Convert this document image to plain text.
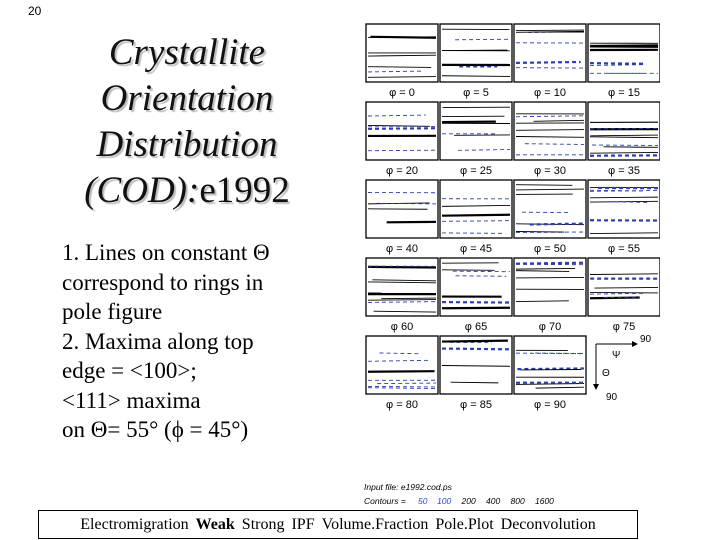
20
Crystallite
Orientation
Distribution
(COD):e1992
1. Lines on constant Θ
correspond to rings in
pole figure
2. Maxima along top
edge = <100>;
<111> maxima
on Θ= 55° (ϕ = 45°)
φ = 0	φ = 5	φ = 10	φ = 15
φ = 20	φ = 25	φ = 30	φ = 35
φ = 40	φ = 45	φ = 50	φ = 55
φ 60	φ 65	φ 70	φ 75
φ = 80	φ = 85	φ = 90
90
Ψ
Θ
90
Input file: e1992.cod.ps
Contours = 50 100 200 400 800 1600
Electromigration Weak Strong IPF Volume.Fraction Pole.Plot Deconvolution
